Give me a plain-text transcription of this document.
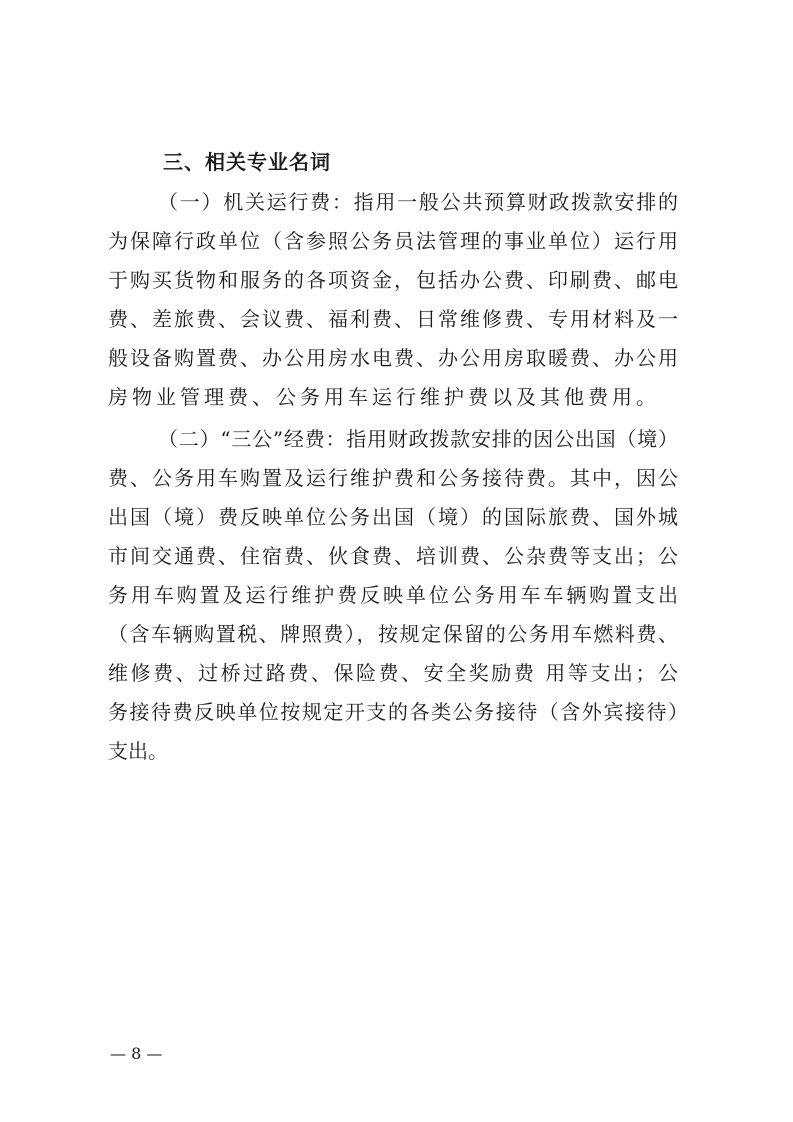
三、相关专业名词
（一）机关运行费：指用一般公共预算财政拨款安排的
为保障行政单位（含参照公务员法管理的事业单位）运行用
于购买货物和服务的各项资金，包括办公费、印刷费、邮电
费、差旅费、会议费、福利费、日常维修费、专用材料及一
般设备购置费、办公用房水电费、办公用房取暖费、办公用
房物业管理费、公务用车运行维护费以及其他费用。
（二）“三公”经费：指用财政拨款安排的因公出国（境）
费、公务用车购置及运行维护费和公务接待费。其中，因公
出国（境）费反映单位公务出国（境）的国际旅费、国外城
市间交通费、住宿费、伙食费、培训费、公杂费等支出；公
务用车购置及运行维护费反映单位公务用车车辆购置支出
（含车辆购置税、牌照费），按规定保留的公务用车燃料费、
维修费、过桥过路费、保险费、安全奖励费 用等支出；公
务接待费反映单位按规定开支的各类公务接待（含外宾接待）
支出。
— 8 —
